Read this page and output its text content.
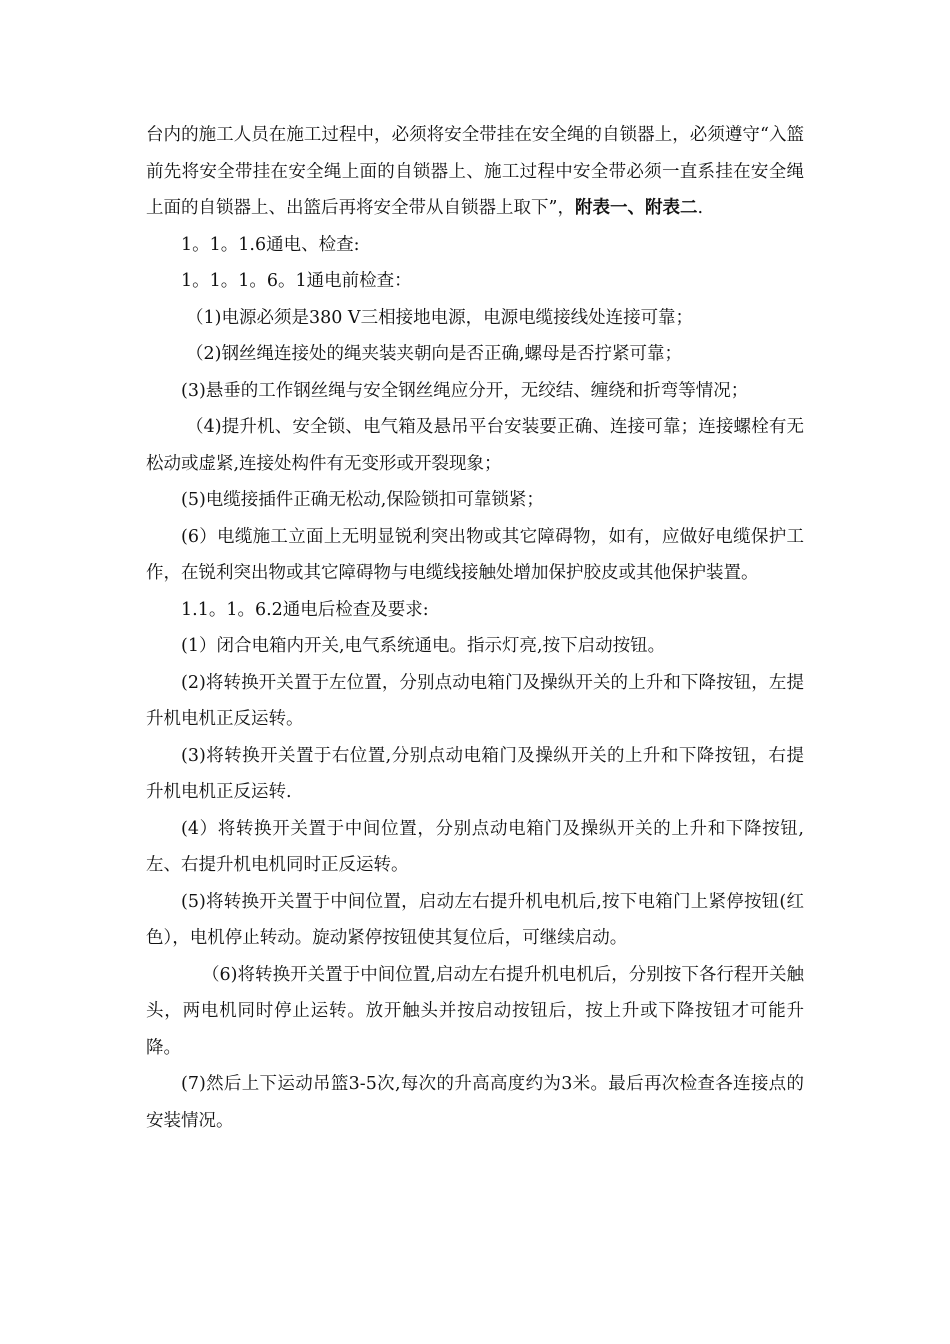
台内的施工人员在施工过程中，必须将安全带挂在安全绳的自锁器上，必须遵守“入篮前先将安全带挂在安全绳上面的自锁器上、施工过程中安全带必须一直系挂在安全绳上面的自锁器上、出篮后再将安全带从自锁器上取下”，附表一、附表二.

1。1。1.6通电、检查:

1。1。1。6。1通电前检查：

（1)电源必须是380 V三相接地电源，电源电缆接线处连接可靠；

（2)钢丝绳连接处的绳夹装夹朝向是否正确,螺母是否拧紧可靠；

(3)悬垂的工作钢丝绳与安全钢丝绳应分开，无绞结、缠绕和折弯等情况；

（4)提升机、安全锁、电气箱及悬吊平台安装要正确、连接可靠；连接螺栓有无松动或虚紧,连接处构件有无变形或开裂现象；

(5)电缆接插件正确无松动,保险锁扣可靠锁紧；

(6）电缆施工立面上无明显锐利突出物或其它障碍物，如有，应做好电缆保护工作，在锐利突出物或其它障碍物与电缆线接触处增加保护胶皮或其他保护装置。

1.1。1。6.2通电后检查及要求:

(1）闭合电箱内开关,电气系统通电。指示灯亮,按下启动按钮。

(2)将转换开关置于左位置，分别点动电箱门及操纵开关的上升和下降按钮，左提升机电机正反运转。

(3)将转换开关置于右位置,分别点动电箱门及操纵开关的上升和下降按钮，右提升机电机正反运转.

(4）将转换开关置于中间位置，分别点动电箱门及操纵开关的上升和下降按钮,左、右提升机电机同时正反运转。

(5)将转换开关置于中间位置，启动左右提升机电机后,按下电箱门上紧停按钮(红色），电机停止转动。旋动紧停按钮使其复位后，可继续启动。

（6)将转换开关置于中间位置,启动左右提升机电机后，分别按下各行程开关触头，两电机同时停止运转。放开触头并按启动按钮后，按上升或下降按钮才可能升降。

(7)然后上下运动吊篮3-5次,每次的升高高度约为3米。最后再次检查各连接点的安装情况。
